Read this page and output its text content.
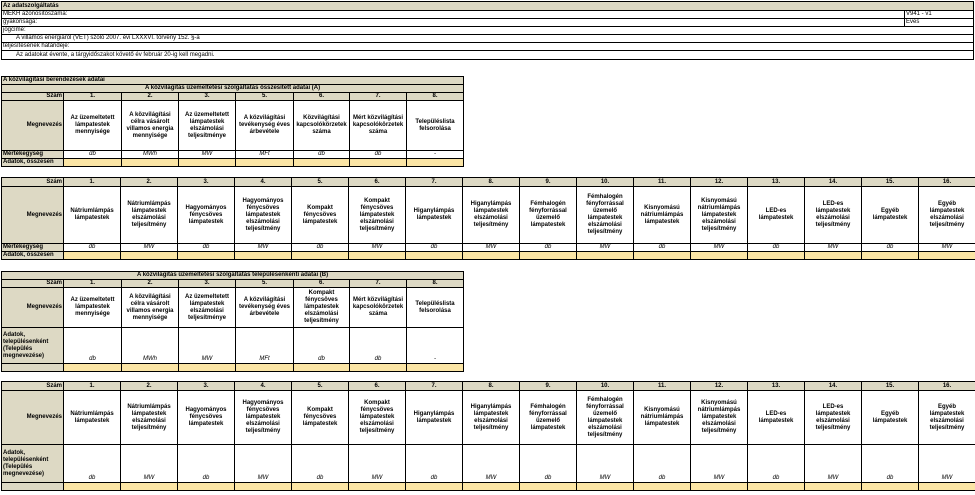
Az adatszolgáltatás	
MEKH azonosítószáma:	V941 - v1
gyakorisága:	Éves
jogcíme:	
A villamos energiáról (VET) szóló 2007. évi LXXXVI. törvény 152. §-a	
teljesítésének határideje:	
Az adatokat évente, a tárgyidőszakot követő év február 20-ig kell megadni.	
A közvilágítási berendezések adatai							
A közvilágítás üzemeltetési szolgáltatás összesített adatai (A)							
Szám	1.	2.	3.	5.	6.	7.	8.
Megnevezés	Az üzemeltetett lámpatestek mennyisége	A közvilágítási célra vásárolt villamos energia mennyisége	Az üzemeltetett lámpatestek elszámolási teljesítménye	A közvilágítási tevékenység éves árbevétele	Közvilágítási kapcsolókörzetek száma	Mért közvilágítási kapcsolókörzetek száma	Településlista felsorolása
Mértékegység	db	MWh	MW	MFt	db	db	-
Adatok, összesen							
Szám	1.	2.	3.	4.	5.	6.	7.	8.	9.	10.	11.	12.	13.	14.	15.	16.
Megnevezés	Nátriumlámpás lámpatestek	Nátriumlámpás lámpatestek elszámolási teljesítmény	Hagyományos fénycsöves lámpatestek	Hagyományos fénycsöves lámpatestek elszámolási teljesítmény	Kompakt fénycsöves lámpatestek	Kompakt fénycsöves lámpatestek elszámolási teljesítmény	Higanylámpás lámpatestek	Higanylámpás lámpatestek elszámolási teljesítmény	Fémhalogén fényforrással üzemelő lámpatestek	Fémhalogén fényforrással üzemelő lámpatestek elszámolási teljesítmény	Kisnyomású nátriumlámpás lámpatestek	Kisnyomású nátriumlámpás lámpatestek elszámolási teljesítmény	LED-es lámpatestek	LED-es lámpatestek elszámolási teljesítmény	Egyéb lámpatestek	Egyéb lámpatestek elszámolási teljesítmény
Mértékegység	db	MW	db	MW	db	MW	db	MW	db	MW	db	MW	db	MW	db	MW
Adatok, összesen																
A közvilágítás üzemeltetési szolgáltatás településenkénti adatai (B)							
Szám	1.	2.	3.	5.	6.	7.	8.
Megnevezés	Az üzemeltetett lámpatestek mennyisége	A közvilágítási célra vásárolt villamos energia mennyisége	Az üzemeltetett lámpatestek elszámolási teljesítménye	A közvilágítási tevékenység éves árbevétele	Kompakt fénycsöves lámpatestek elszámolási teljesítmény	Mért közvilágítási kapcsolókörzetek száma	Településlista felsorolása
Adatok, településenként (Település megnevezése)	db	MWh	MW	MFt	db	db	-

Szám	1.	2.	3.	4.	5.	6.	7.	8.	9.	10.	11.	12.	13.	14.	15.	16.
Megnevezés	Nátriumlámpás lámpatestek	Nátriumlámpás lámpatestek elszámolási teljesítmény	Hagyományos fénycsöves lámpatestek	Hagyományos fénycsöves lámpatestek elszámolási teljesítmény	Kompakt fénycsöves lámpatestek	Kompakt fénycsöves lámpatestek elszámolási teljesítmény	Higanylámpás lámpatestek	Higanylámpás lámpatestek elszámolási teljesítmény	Fémhalogén fényforrással üzemelő lámpatestek	Fémhalogén fényforrással üzemelő lámpatestek elszámolási teljesítmény	Kisnyomású nátriumlámpás lámpatestek	Kisnyomású nátriumlámpás lámpatestek elszámolási teljesítmény	LED-es lámpatestek	LED-es lámpatestek elszámolási teljesítmény	Egyéb lámpatestek	Egyéb lámpatestek elszámolási teljesítmény
Adatok, településenként (Település megnevezése)	db	MW	db	MW	db	MW	db	MW	db	MW	db	MW	db	MW	db	MW
